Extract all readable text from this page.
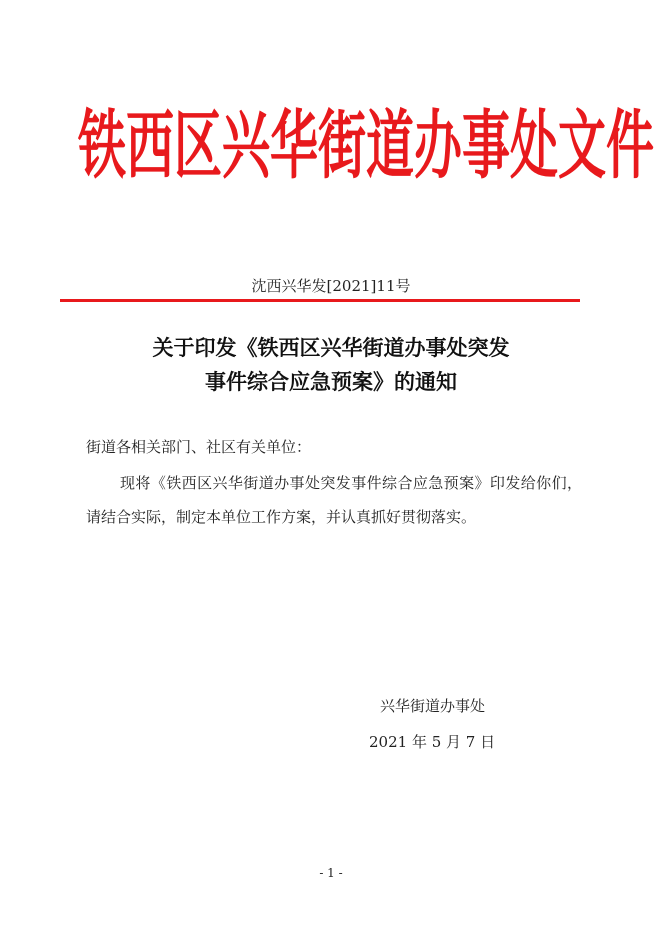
铁西区兴华街道办事处文件
沈西兴华发[2021]11号
关于印发《铁西区兴华街道办事处突发
事件综合应急预案》的通知
街道各相关部门、社区有关单位：
现将《铁西区兴华街道办事处突发事件综合应急预案》印发给你们，请结合实际，制定本单位工作方案，并认真抓好贯彻落实。
兴华街道办事处
2021 年 5 月 7 日
- 1 -
